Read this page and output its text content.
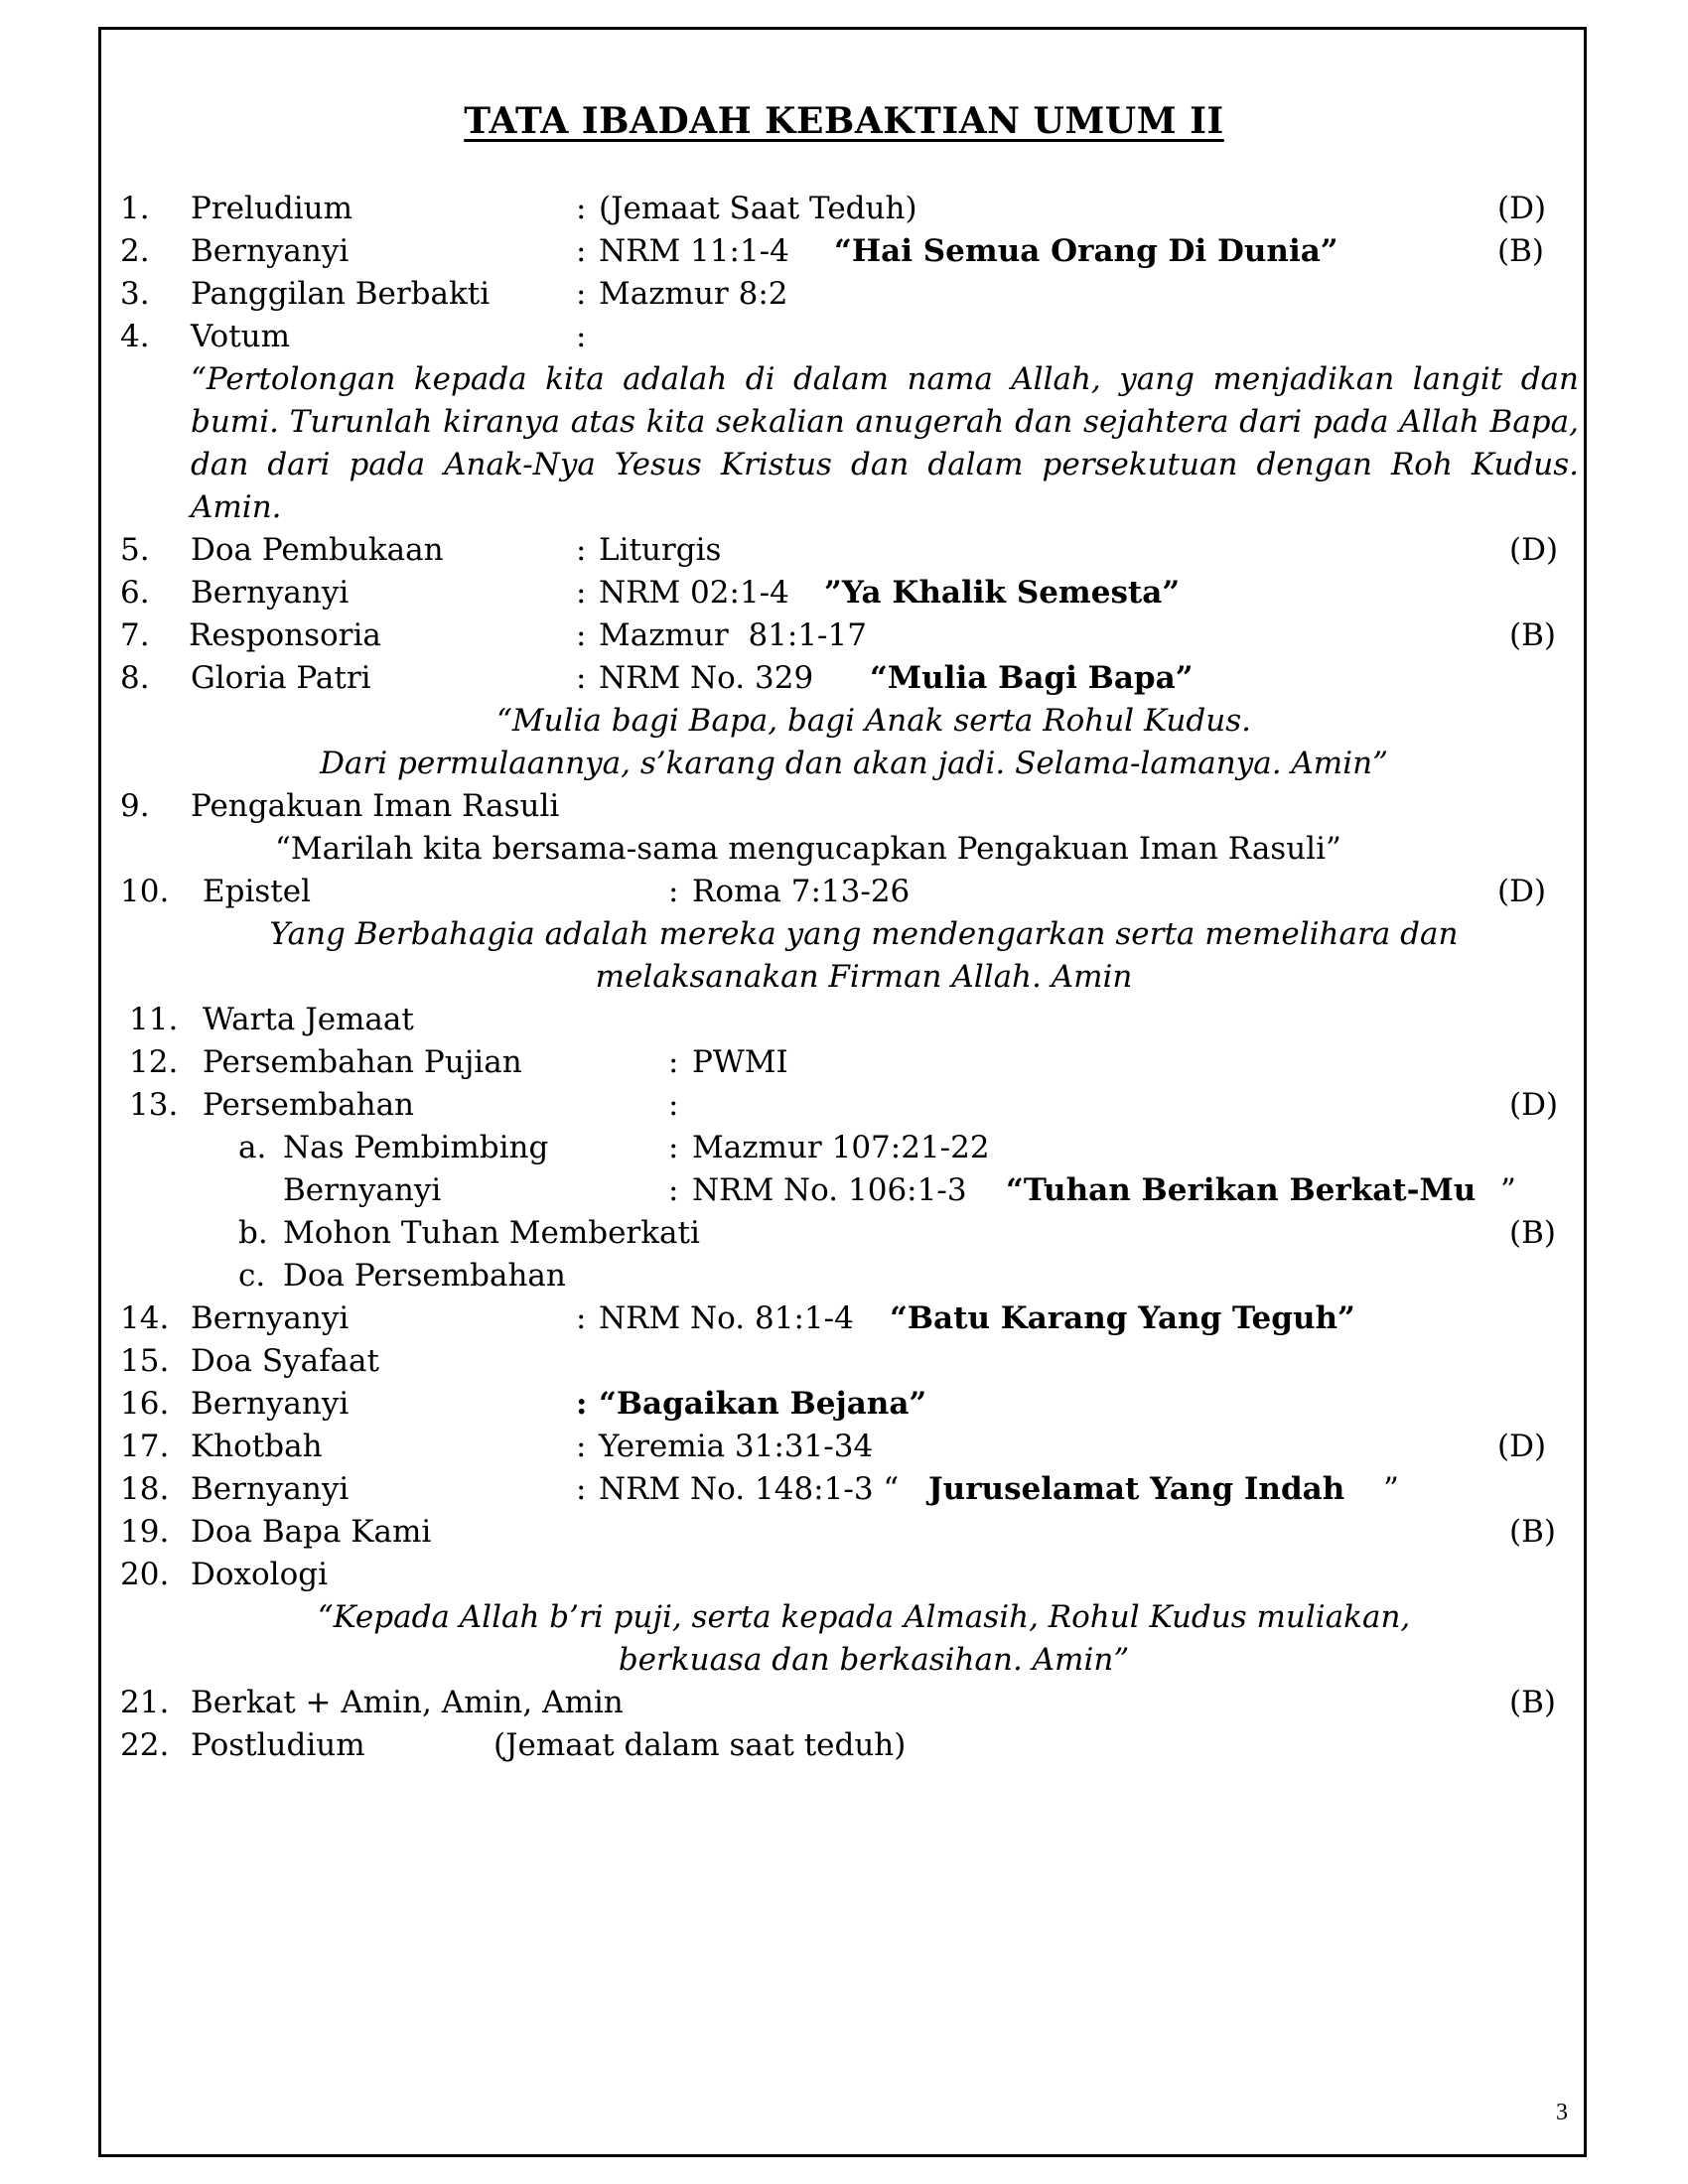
TATA IBADAH KEBAKTIAN UMUM II
1. Preludium	: (Jemaat Saat Teduh)	(D)
2. Bernyanyi	: NRM 11:1-4 “Hai Semua Orang Di Dunia”	(B)
3. Panggilan Berbakti	: Mazmur 8:2
4. Votum	:
“Pertolongan kepada kita adalah di dalam nama Allah, yang menjadikan langit dan bumi. Turunlah kiranya atas kita sekalian anugerah dan sejahtera dari pada Allah Bapa, dan dari pada Anak-Nya Yesus Kristus dan dalam persekutuan dengan Roh Kudus. Amin.
5. Doa Pembukaan	: Liturgis	(D)
6. Bernyanyi	: NRM 02:1-4 ”Ya Khalik Semesta”
7. Responsoria	: Mazmur  81:1-17	(B)
8. Gloria Patri	: NRM No. 329 “Mulia Bagi Bapa”
“Mulia bagi Bapa, bagi Anak serta Rohul Kudus.
Dari permulaannya, s’karang dan akan jadi. Selama-lamanya. Amin”
9. Pengakuan Iman Rasuli
“Marilah kita bersama-sama mengucapkan Pengakuan Iman Rasuli”
10. Epistel	: Roma 7:13-26	(D)
Yang Berbahagia adalah mereka yang mendengarkan serta memelihara dan
melaksanakan Firman Allah. Amin
11. Warta Jemaat
12. Persembahan Pujian	: PWMI
13. Persembahan	:	(D)
a. Nas Pembimbing	: Mazmur 107:21-22
Bernyanyi	: NRM No. 106:1-3 “Tuhan Berikan Berkat-Mu ”
b. Mohon Tuhan Memberkati	(B)
c. Doa Persembahan
14. Bernyanyi	: NRM No. 81:1-4 “Batu Karang Yang Teguh”
15. Doa Syafaat
16. Bernyanyi	: “Bagaikan Bejana”
17. Khotbah	: Yeremia 31:31-34	(D)
18. Bernyanyi	: NRM No. 148:1-3 “ Juruselamat Yang Indah ”
19. Doa Bapa Kami	(B)
20. Doxologi
“Kepada Allah b’ri puji, serta kepada Almasih, Rohul Kudus muliakan,
berkuasa dan berkasihan. Amin”
21. Berkat + Amin, Amin, Amin	(B)
22. Postludium	(Jemaat dalam saat teduh)
3
